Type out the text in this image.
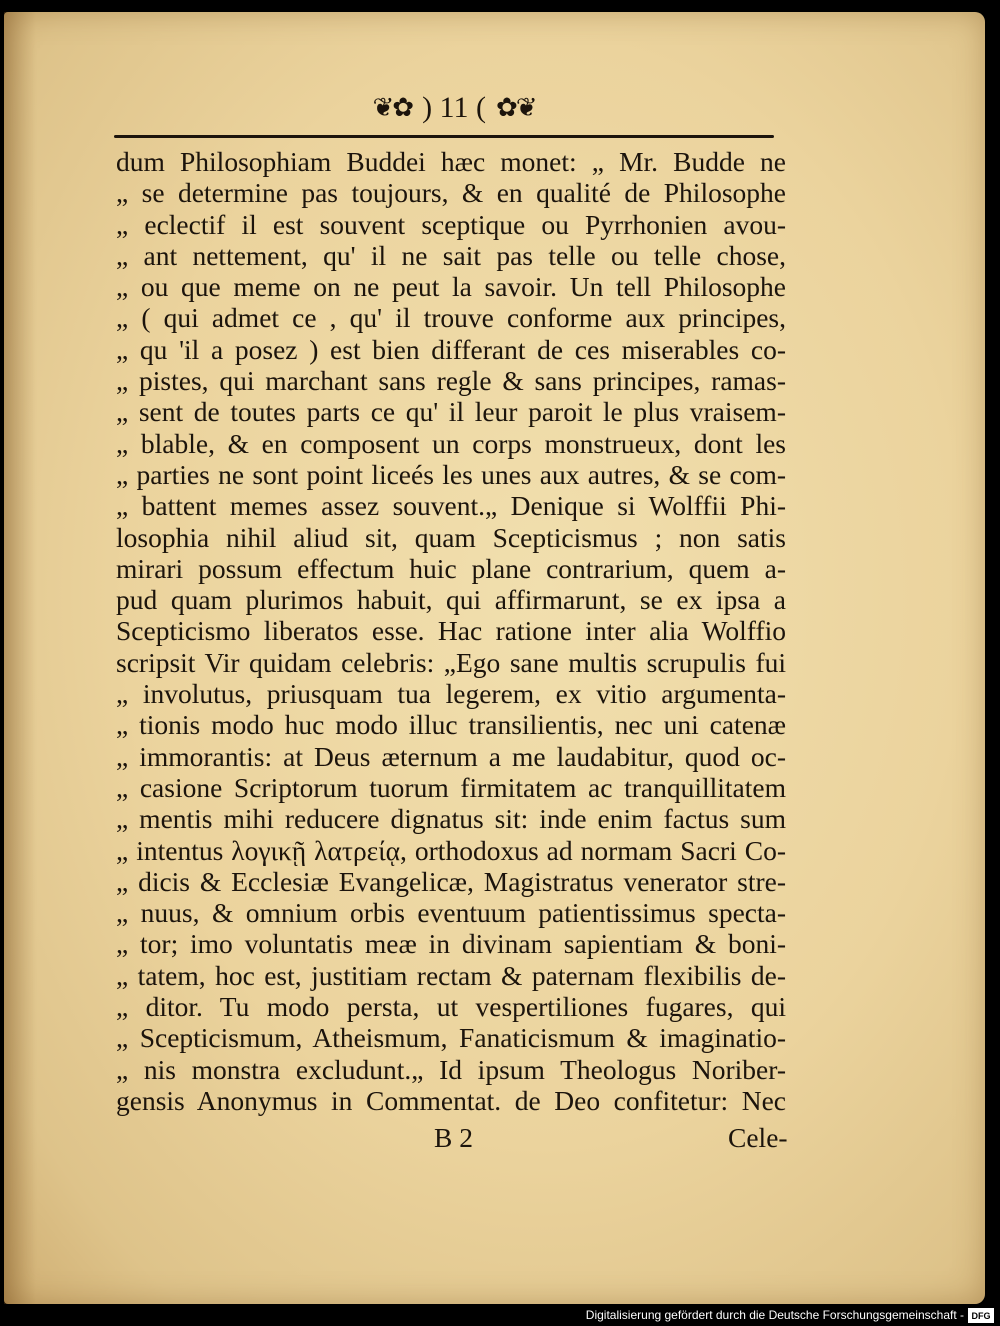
❦✿ ) 11 ( ✿❦
dum Philosophiam Buddei hæc monet: „ Mr. Budde ne
„ se determine pas toujours, & en qualité de Philosophe
„ eclectif il est souvent sceptique ou Pyrrhonien avou-
„ ant nettement, qu' il ne sait pas telle ou telle chose,
„ ou que meme on ne peut la savoir. Un tell Philosophe
„ ( qui admet ce , qu' il trouve conforme aux principes,
„ qu 'il a posez ) est bien differant de ces miserables co-
„ pistes, qui marchant sans regle & sans principes, ramas-
„ sent de toutes parts ce qu' il leur paroit le plus vraisem-
„ blable, & en composent un corps monstrueux, dont les
„ parties ne sont point liceés les unes aux autres, & se com-
„ battent memes assez souvent.„ Denique si Wolffii Phi-
losophia nihil aliud sit, quam Scepticismus ; non satis
mirari possum effectum huic plane contrarium, quem a-
pud quam plurimos habuit, qui affirmarunt, se ex ipsa a
Scepticismo liberatos esse. Hac ratione inter alia Wolffio
scripsit Vir quidam celebris: „Ego sane multis scrupulis fui
„ involutus, priusquam tua legerem, ex vitio argumenta-
„ tionis modo huc modo illuc transilientis, nec uni catenæ
„ immorantis: at Deus æternum a me laudabitur, quod oc-
„ casione Scriptorum tuorum firmitatem ac tranquillitatem
„ mentis mihi reducere dignatus sit: inde enim factus sum
„ intentus λογικῇ λατρείᾳ, orthodoxus ad normam Sacri Co-
„ dicis & Ecclesiæ Evangelicæ, Magistratus venerator stre-
„ nuus, & omnium orbis eventuum patientissimus specta-
„ tor; imo voluntatis meæ in divinam sapientiam & boni-
„ tatem, hoc est, justitiam rectam & paternam flexibilis de-
„ ditor. Tu modo persta, ut vespertiliones fugares, qui
„ Scepticismum, Atheismum, Fanaticismum & imaginatio-
„ nis monstra excludunt.„ Id ipsum Theologus Noriber-
gensis Anonymus in Commentat. de Deo confitetur: Nec
B 2	Cele-
Digitalisierung gefördert durch die Deutsche Forschungsgemeinschaft - DFG
